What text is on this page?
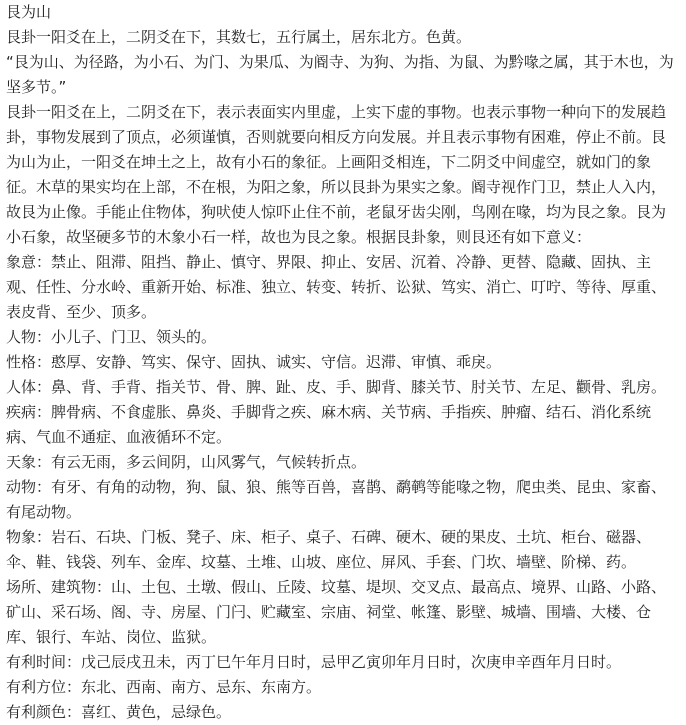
艮为山

艮卦一阳爻在上，二阴爻在下，其数七，五行属土，居东北方。色黄。

“艮为山、为径路，为小石、为门、为果瓜、为阍寺、为狗、为指、为鼠、为黔喙之属，其于木也，为坚多节。”

艮卦一阳爻在上，二阴爻在下，表示表面实内里虚，上实下虚的事物。也表示事物一种向下的发展趋卦，事物发展到了顶点，必须谨慎，否则就要向相反方向发展。并且表示事物有困难，停止不前。艮为山为止，一阳爻在坤土之上，故有小石的象征。上画阳爻相连，下二阴爻中间虚空，就如门的象征。木草的果实均在上部，不在根，为阳之象，所以艮卦为果实之象。阍寺视作门卫，禁止人入内，故艮为止像。手能止住物体，狗吠使人惊吓止住不前，老鼠牙齿尖刚，鸟刚在喙，均为艮之象。艮为小石象，故坚硬多节的木象小石一样，故也为艮之象。根据艮卦象，则艮还有如下意义：

象意：禁止、阻滞、阻挡、静止、慎守、界限、抑止、安居、沉着、冷静、更替、隐藏、固执、主观、任性、分水岭、重新开始、标准、独立、转变、转折、讼狱、笃实、消亡、叮咛、等待、厚重、表皮背、至少、顶多。

人物：小儿子、门卫、领头的。

性格：憨厚、安静、笃实、保守、固执、诚实、守信。迟滞、审慎、乖戾。

人体：鼻、背、手背、指关节、骨、脾、趾、皮、手、脚背、膝关节、肘关节、左足、颧骨、乳房。

疾病：脾骨病、不食虚胀、鼻炎、手脚背之疾、麻木病、关节病、手指疾、肿瘤、结石、消化系统病、气血不通症、血液循环不定。

天象：有云无雨，多云间阴，山风雾气，气候转折点。

动物：有牙、有角的动物，狗、鼠、狼、熊等百兽，喜鹊、鹬鹌等能喙之物，爬虫类、昆虫、家畜、有尾动物。

物象：岩石、石块、门板、凳子、床、柜子、桌子、石碑、硬木、硬的果皮、土坑、柜台、磁器、伞、鞋、钱袋、列车、金库、坟墓、土堆、山坡、座位、屏风、手套、门坎、墙壁、阶梯、药。

场所、建筑物：山、土包、土墩、假山、丘陵、坟墓、堤坝、交叉点、最高点、境界、山路、小路、矿山、采石场、阁、寺、房屋、门闩、贮藏室、宗庙、祠堂、帐篷、影壁、城墙、围墙、大楼、仓库、银行、车站、岗位、监狱。

有利时间：戊己辰戌丑未，丙丁巳午年月日时，忌甲乙寅卯年月日时，次庚申辛酉年月日时。

有利方位：东北、西南、南方、忌东、东南方。

有利颜色：喜红、黄色，忌绿色。
